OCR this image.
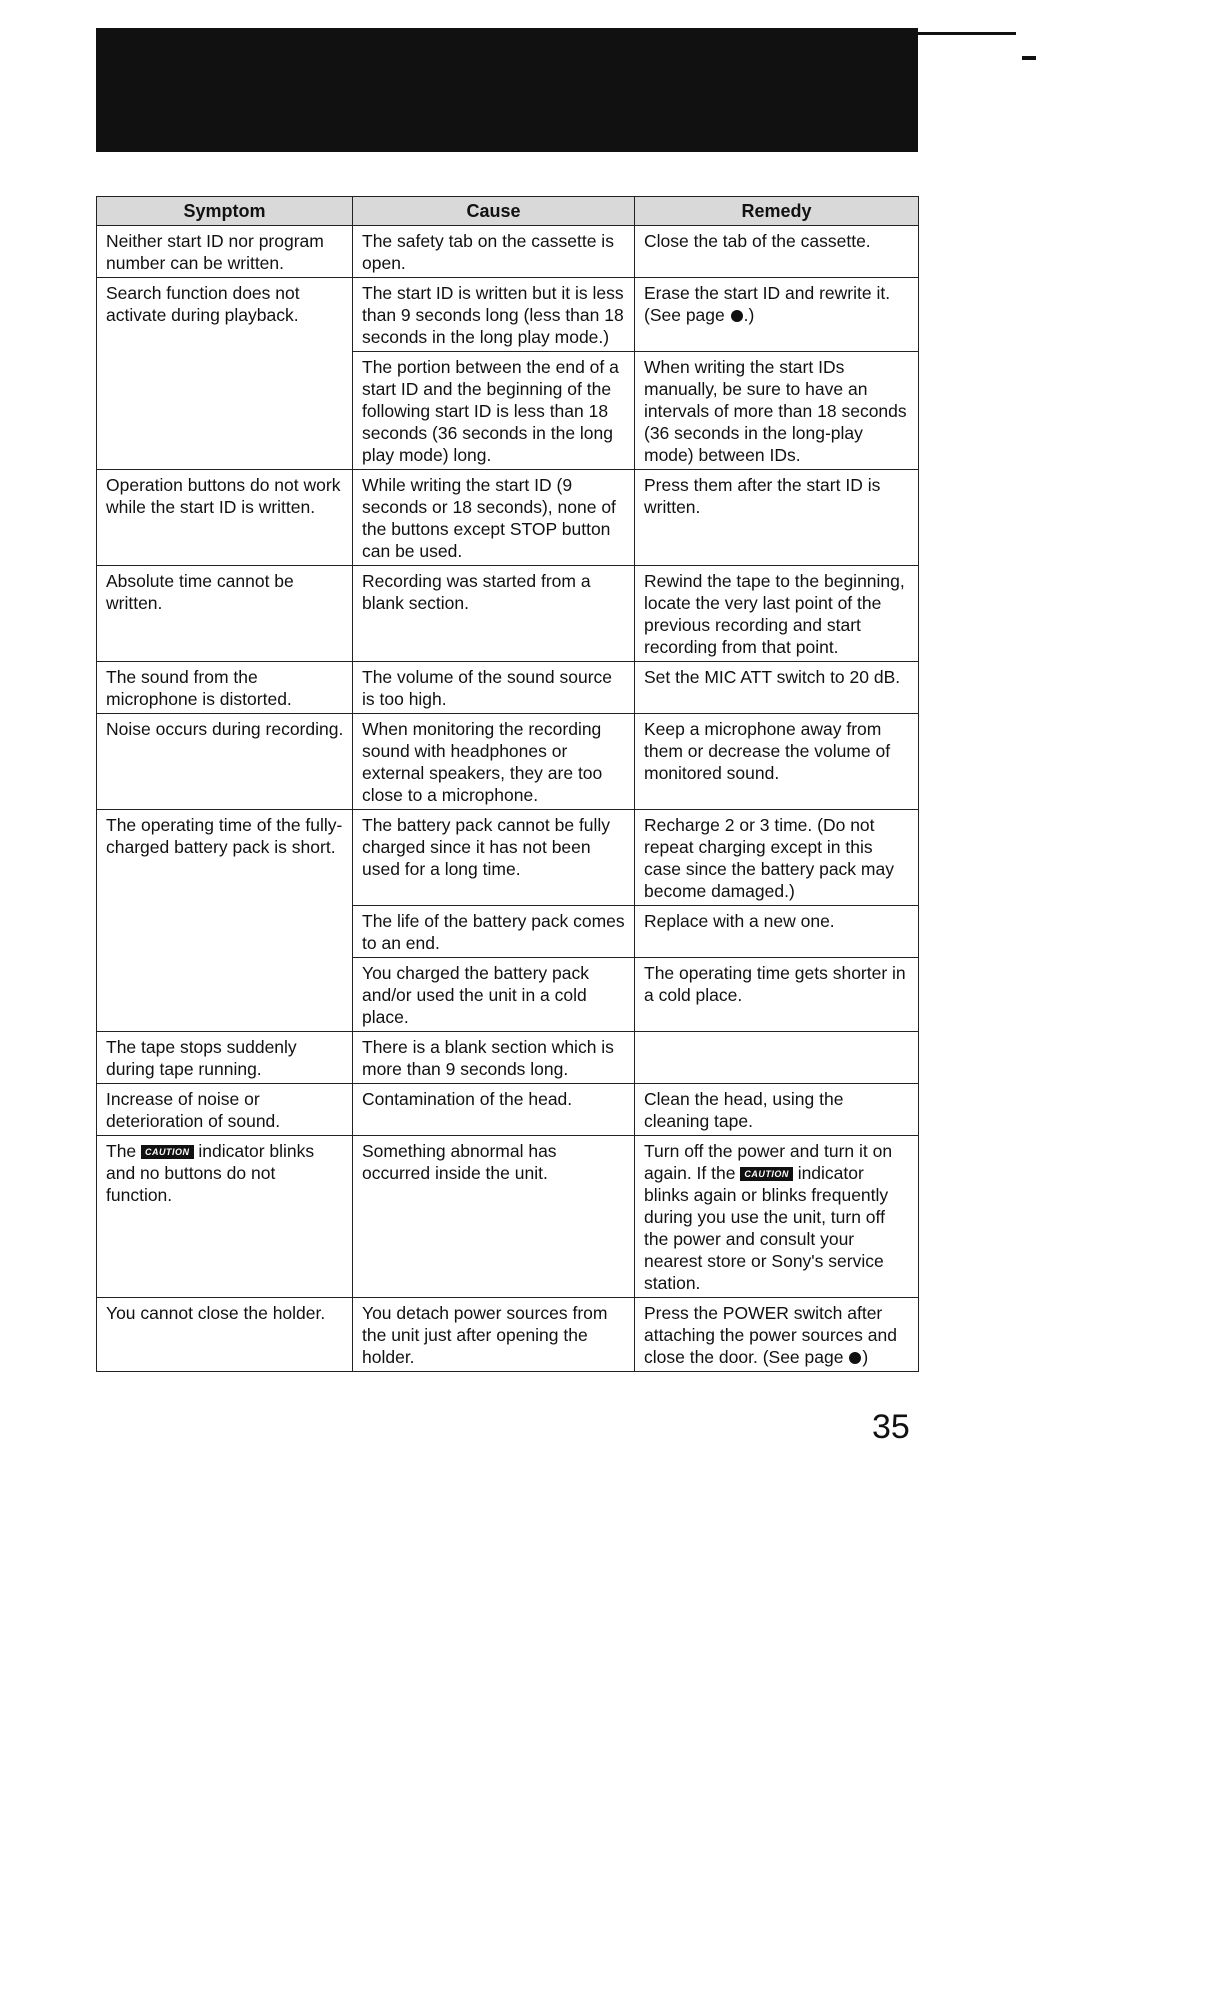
Symptom	Cause	Remedy
Neither start ID nor program number can be written.	The safety tab on the cassette is open.	Close the tab of the cassette.
Search function does not activate during playback.	The start ID is written but it is less than 9 seconds long (less than 18 seconds in the long play mode.)	Erase the start ID and rewrite it. (See page .)
	The portion between the end of a start ID and the beginning of the following start ID is less than 18 seconds (36 seconds in the long play mode) long.	When writing the start IDs manually, be sure to have an intervals of more than 18 seconds (36 seconds in the long-play mode) between IDs.
Operation buttons do not work while the start ID is written.	While writing the start ID (9 seconds or 18 seconds), none of the buttons except STOP button can be used.	Press them after the start ID is written.
Absolute time cannot be written.	Recording was started from a blank section.	Rewind the tape to the beginning, locate the very last point of the previous recording and start recording from that point.
The sound from the microphone is distorted.	The volume of the sound source is too high.	Set the MIC ATT switch to 20 dB.
Noise occurs during recording.	When monitoring the recording sound with headphones or external speakers, they are too close to a microphone.	Keep a microphone away from them or decrease the volume of monitored sound.
The operating time of the fully-charged battery pack is short.	The battery pack cannot be fully charged since it has not been used for a long time.	Recharge 2 or 3 time. (Do not repeat charging except in this case since the battery pack may become damaged.)
	The life of the battery pack comes to an end.	Replace with a new one.
	You charged the battery pack and/or used the unit in a cold place.	The operating time gets shorter in a cold place.
The tape stops suddenly during tape running.	There is a blank section which is more than 9 seconds long.	
Increase of noise or deterioration of sound.	Contamination of the head.	Clean the head, using the cleaning tape.
The CAUTION indicator blinks and no buttons do not function.	Something abnormal has occurred inside the unit.	Turn off the power and turn it on again. If the CAUTION indicator blinks again or blinks frequently during you use the unit, turn off the power and consult your nearest store or Sony's service station.
You cannot close the holder.	You detach power sources from the unit just after opening the holder.	Press the POWER switch after attaching the power sources and close the door. (See page )
35
